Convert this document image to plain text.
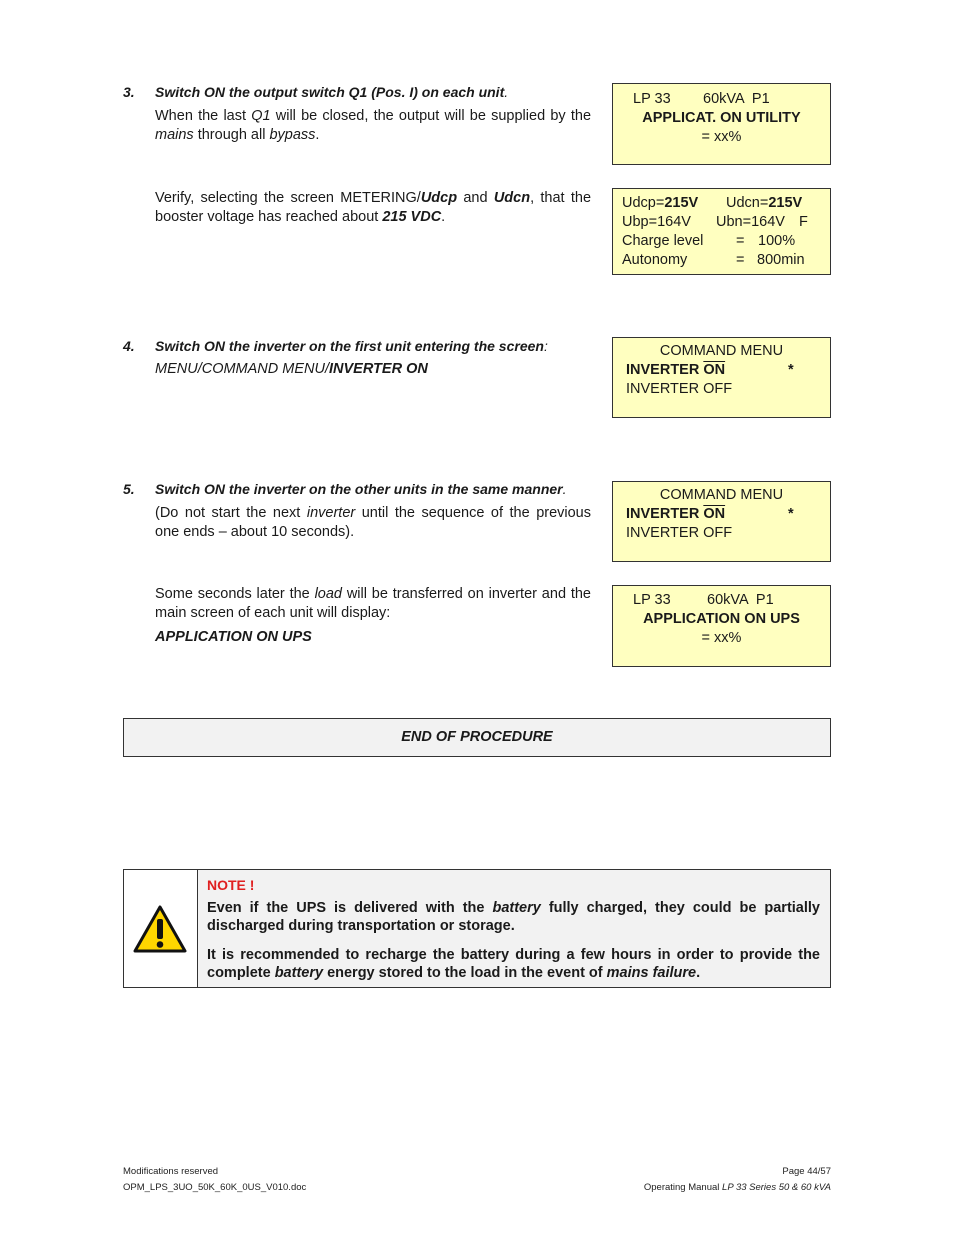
3. Switch ON the output switch Q1 (Pos. I) on each unit.
When the last Q1 will be closed, the output will be supplied by the mains through all bypass.
Verify, selecting the screen METERING/Udcp and Udcn, that the booster voltage has reached about 215 VDC.
LP 33 60kVA  P1
APPLICAT. ON UTILITY
= xx%
Udcp=215V Udcn=215V
Ubp=164V Ubn=164V F
Charge level = 100%
Autonomy	= 800min
4. Switch ON the inverter on the first unit entering the screen:
MENU/COMMAND MENU/INVERTER ON
COMMAND MENU
INVERTER $\overline{ON}$	*
INVERTER OFF
5. Switch ON the inverter on the other units in the same manner.
(Do not start the next inverter until the sequence of the previous one ends – about 10 seconds).
Some seconds later the load will be transferred on inverter and the main screen of each unit will display:
APPLICATION ON UPS
COMMAND MENU
INVERTER $\overline{ON}$	*
INVERTER OFF
LP 33	60kVA  P1
APPLICATION ON UPS
= xx%
END OF PROCEDURE
NOTE !
Even if the UPS is delivered with the battery fully charged, they could be partially discharged during transportation or storage.
It is recommended to recharge the battery during a few hours in order to provide the complete battery energy stored to the load in the event of mains failure.
Modifications reserved
OPM_LPS_3UO_50K_60K_0US_V010.doc
Page 44/57
Operating Manual LP 33 Series 50 & 60 kVA
